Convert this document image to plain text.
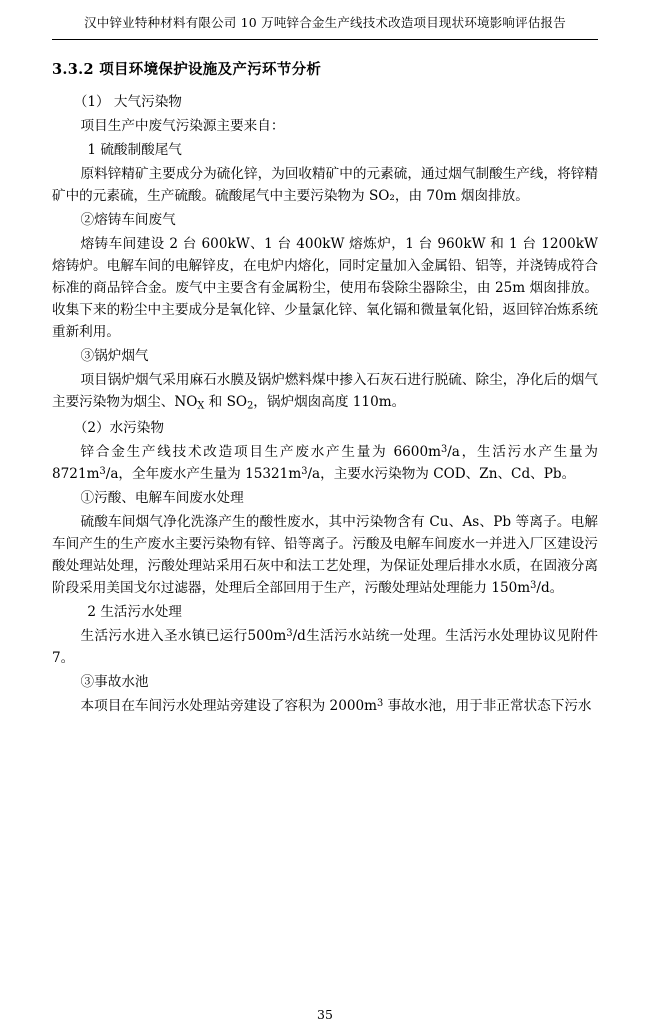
汉中锌业特种材料有限公司 10 万吨锌合金生产线技术改造项目现状环境影响评估报告
3.3.2 项目环境保护设施及产污环节分析

（1） 大气污染物

项目生产中废气污染源主要来自：

1 硫酸制酸尾气

原料锌精矿主要成分为硫化锌，为回收精矿中的元素硫，通过烟气制酸生产线，将锌精矿中的元素硫，生产硫酸。硫酸尾气中主要污染物为 SO₂，由 70m 烟囱排放。

②熔铸车间废气

熔铸车间建设 2 台 600kW、1 台 400kW 熔炼炉，1 台 960kW 和 1 台 1200kW 熔铸炉。电解车间的电解锌皮，在电炉内熔化，同时定量加入金属铅、铝等，并浇铸成符合标准的商品锌合金。废气中主要含有金属粉尘，使用布袋除尘器除尘，由 25m 烟囱排放。收集下来的粉尘中主要成分是氧化锌、少量氯化锌、氧化镉和微量氧化铅，返回锌冶炼系统重新利用。

③锅炉烟气

项目锅炉烟气采用麻石水膜及锅炉燃料煤中掺入石灰石进行脱硫、除尘，净化后的烟气主要污染物为烟尘、$NO_X$ 和 $SO_2$，锅炉烟囱高度 110m。

（2）水污染物

锌合金生产线技术改造项目生产废水产生量为 $6600m^3/a$，生活污水产生量为 $8721m^3/a$，全年废水产生量为 $15321m^3/a$，主要水污染物为 COD、Zn、Cd、Pb。

①污酸、电解车间废水处理

硫酸车间烟气净化洗涤产生的酸性废水，其中污染物含有 Cu、As、Pb 等离子。电解车间产生的生产废水主要污染物有锌、铅等离子。污酸及电解车间废水一并进入厂区建设污酸处理站处理，污酸处理站采用石灰中和法工艺处理，为保证处理后排水水质，在固液分离阶段采用美国戈尔过滤器，处理后全部回用于生产，污酸处理站处理能力 $150m^3/d$。

2 生活污水处理

生活污水进入圣水镇已运行$500m^3/d$生活污水站统一处理。生活污水处理协议见附件7。

③事故水池

本项目在车间污水处理站旁建设了容积为 $2000m^3$ 事故水池，用于非正常状态下污水

35
